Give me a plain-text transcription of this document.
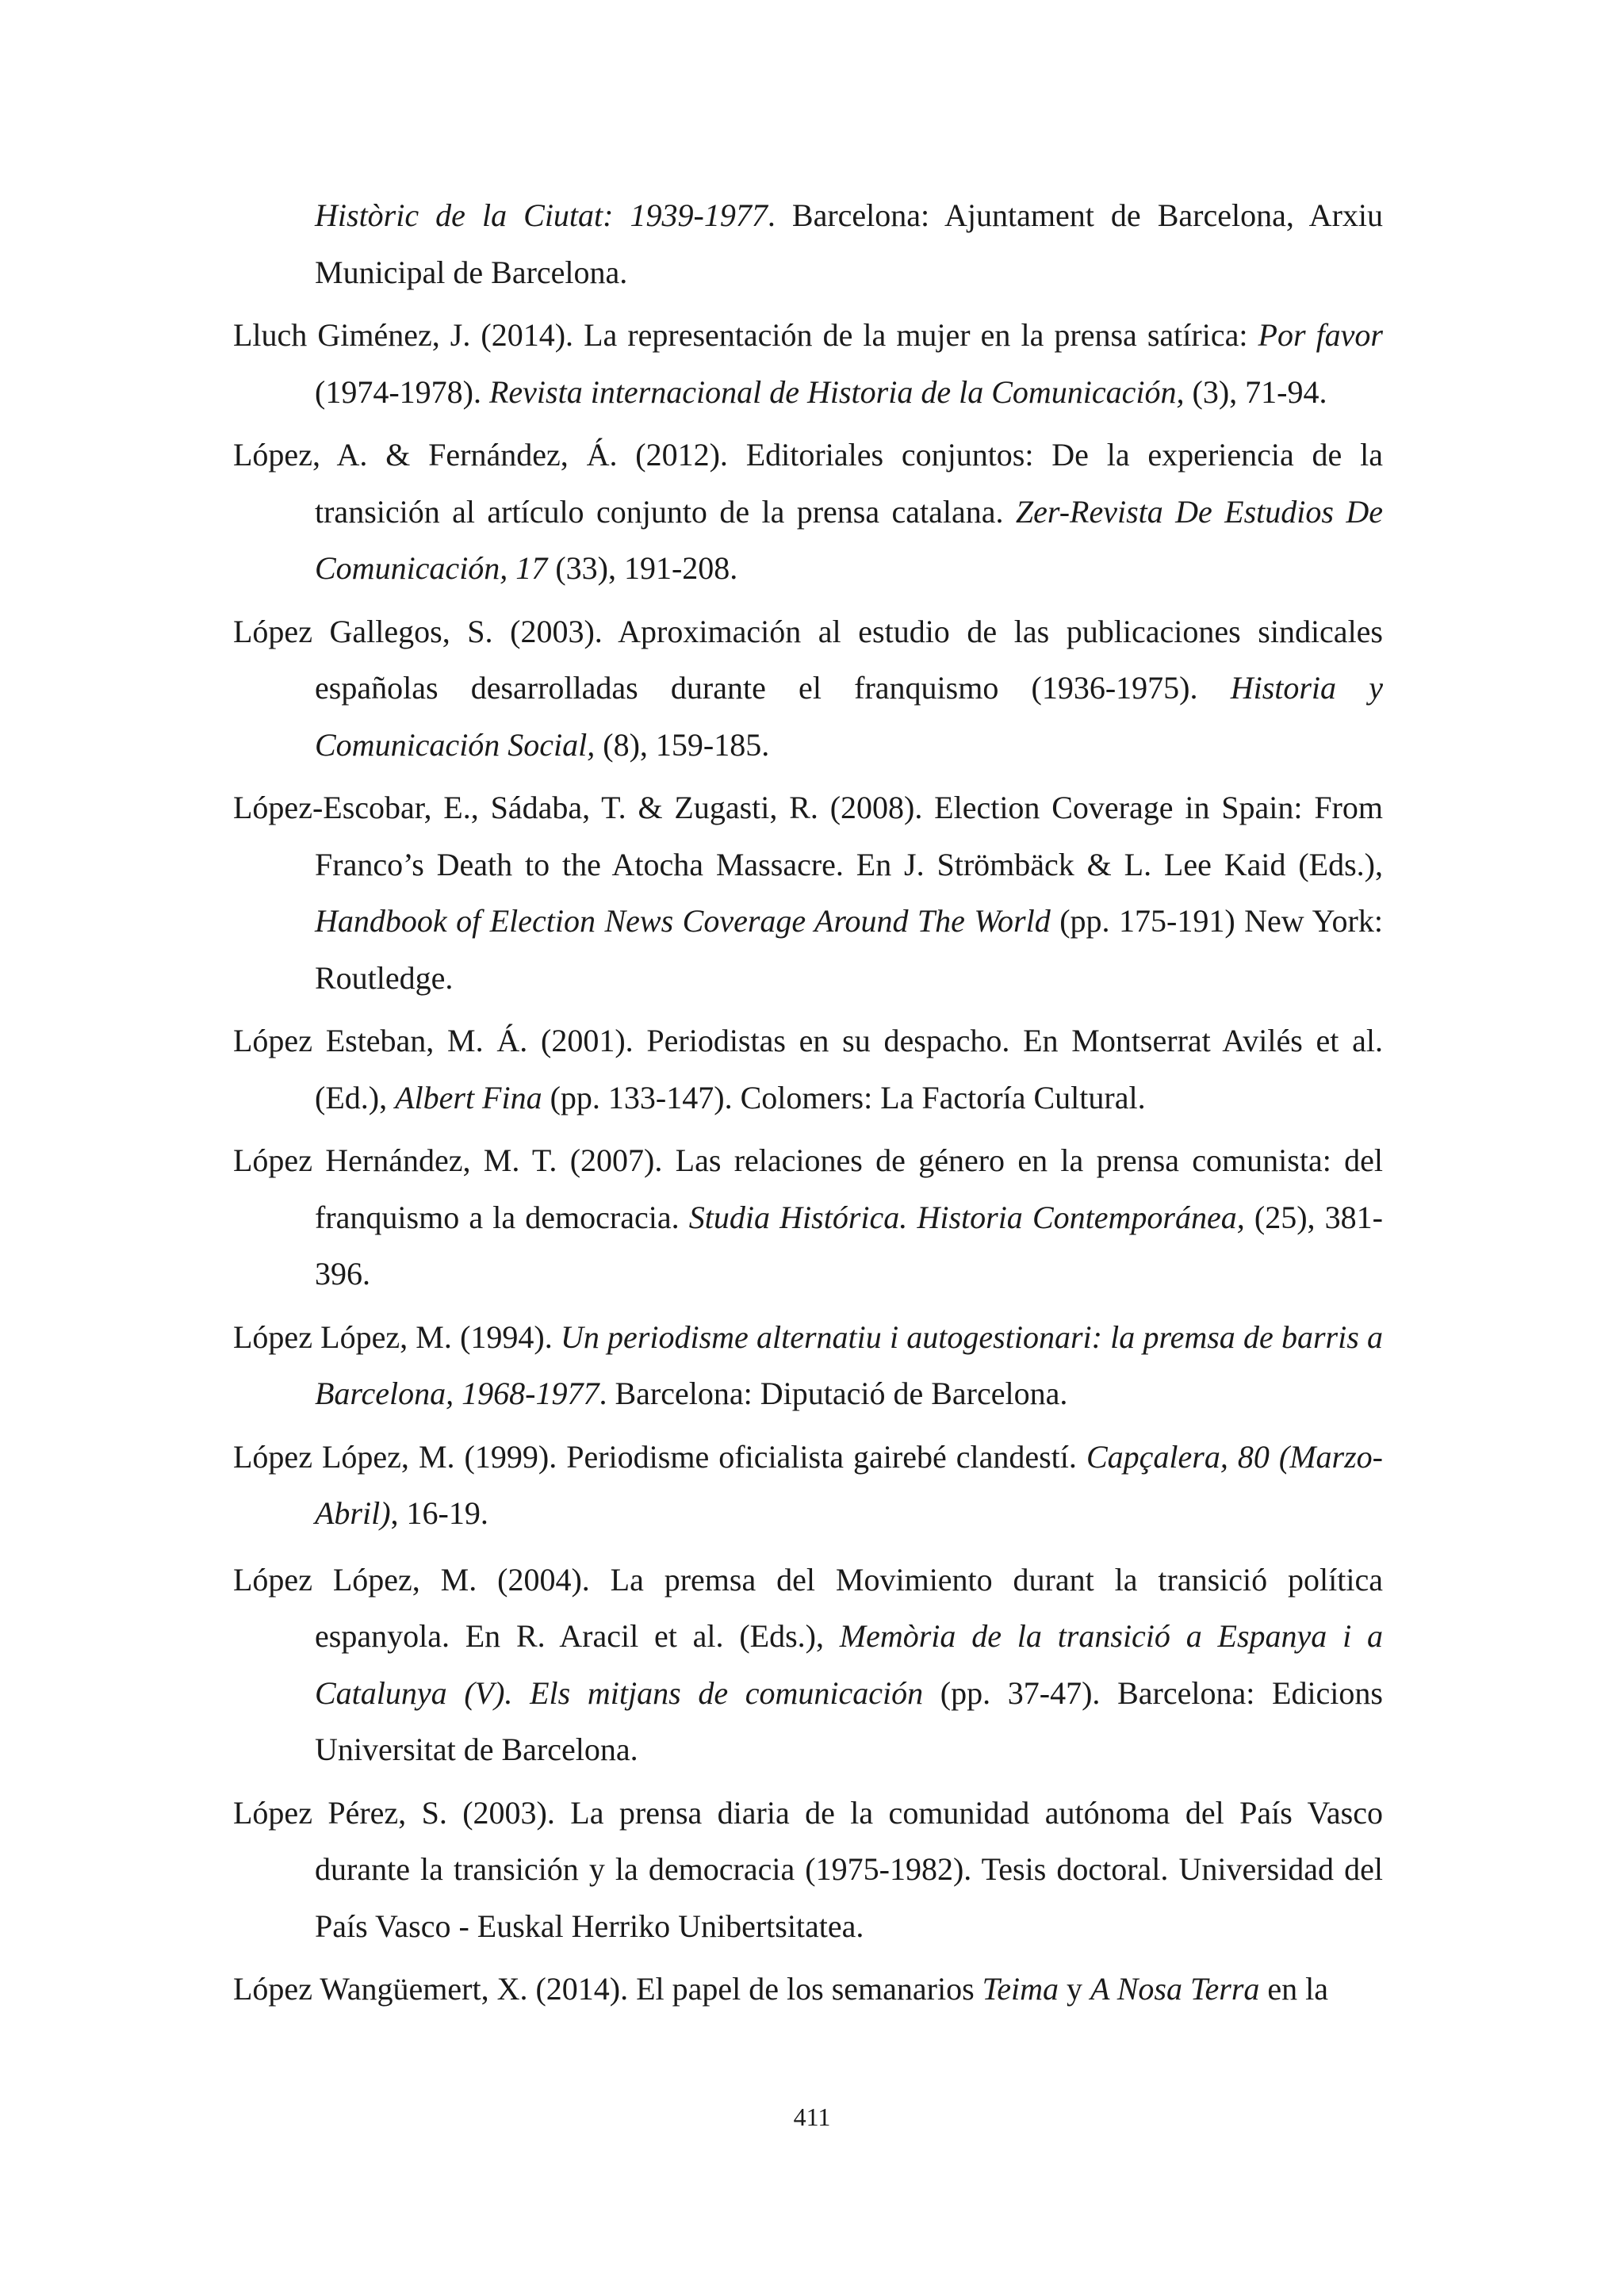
Històric de la Ciutat: 1939-1977. Barcelona: Ajuntament de Barcelona, Arxiu Municipal de Barcelona.

Lluch Giménez, J. (2014). La representación de la mujer en la prensa satírica: Por favor (1974-1978). Revista internacional de Historia de la Comunicación, (3), 71-94.

López, A. & Fernández, Á. (2012). Editoriales conjuntos: De la experiencia de la transición al artículo conjunto de la prensa catalana. Zer-Revista De Estudios De Comunicación, 17 (33), 191-208.

López Gallegos, S. (2003). Aproximación al estudio de las publicaciones sindicales españolas desarrolladas durante el franquismo (1936-1975). Historia y Comunicación Social, (8), 159-185.

López-Escobar, E., Sádaba, T. & Zugasti, R. (2008). Election Coverage in Spain: From Franco’s Death to the Atocha Massacre. En J. Strömbäck & L. Lee Kaid (Eds.), Handbook of Election News Coverage Around The World (pp. 175-191) New York: Routledge.

López Esteban, M. Á. (2001). Periodistas en su despacho. En Montserrat Avilés et al. (Ed.), Albert Fina (pp. 133-147). Colomers: La Factoría Cultural.

López Hernández, M. T. (2007). Las relaciones de género en la prensa comunista: del franquismo a la democracia. Studia Histórica. Historia Contemporánea, (25), 381-396.

López López, M. (1994). Un periodisme alternatiu i autogestionari: la premsa de barris a Barcelona, 1968-1977. Barcelona: Diputació de Barcelona.

López López, M. (1999). Periodisme oficialista gairebé clandestí. Capçalera, 80 (Marzo-Abril), 16-19.

López López, M. (2004). La premsa del Movimiento durant la transició política espanyola. En R. Aracil et al. (Eds.), Memòria de la transició a Espanya i a Catalunya (V). Els mitjans de comunicación (pp. 37-47). Barcelona: Edicions Universitat de Barcelona.

López Pérez, S. (2003). La prensa diaria de la comunidad autónoma del País Vasco durante la transición y la democracia (1975-1982). Tesis doctoral. Universidad del País Vasco - Euskal Herriko Unibertsitatea.

López Wangüemert, X. (2014). El papel de los semanarios Teima y A Nosa Terra en la

411
